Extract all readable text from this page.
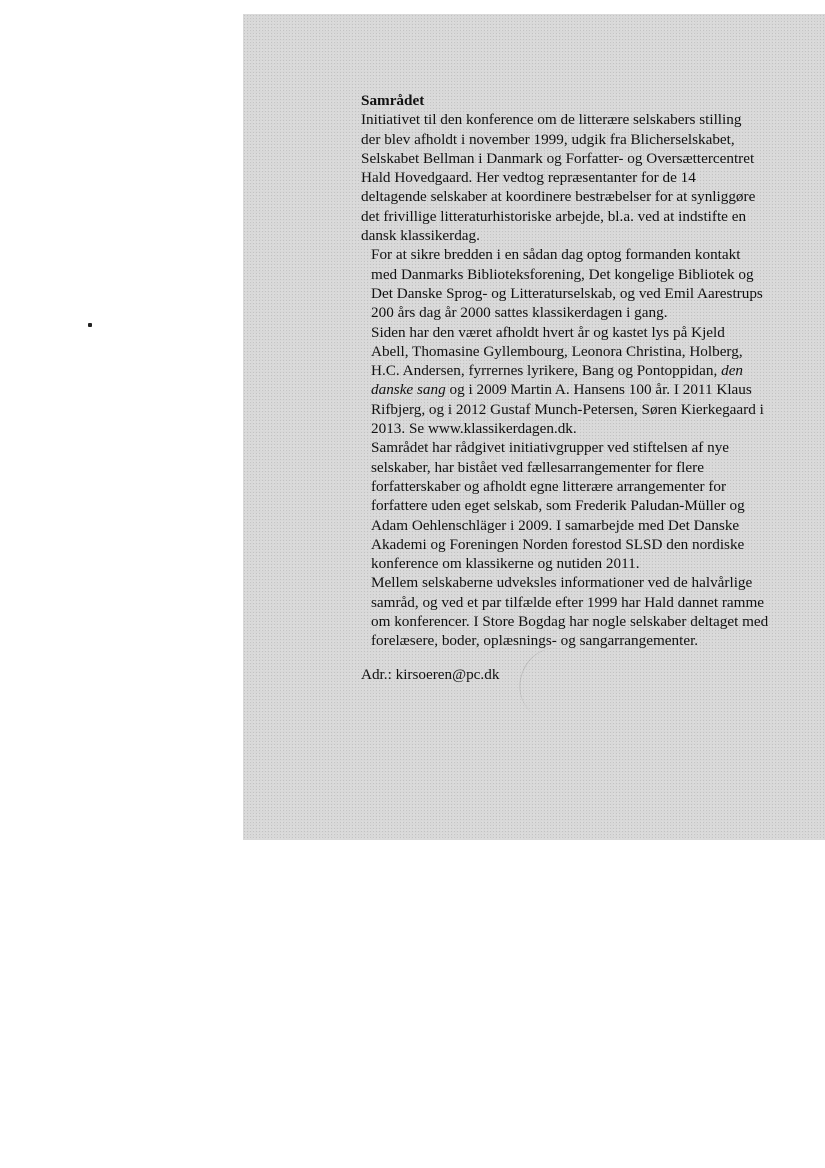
Samrådet

Initiativet til den konference om de litterære selskabers stilling
der blev afholdt i november 1999, udgik fra Blicherselskabet,
Selskabet Bellman i Danmark og Forfatter- og Oversættercentret
Hald Hovedgaard. Her vedtog repræsentanter for de 14
deltagende selskaber at koordinere bestræbelser for at synliggøre
det frivillige litteraturhistoriske arbejde, bl.a. ved at indstifte en
dansk klassikerdag.

For at sikre bredden i en sådan dag optog formanden kontakt
med Danmarks Biblioteksforening, Det kongelige Bibliotek og
Det Danske Sprog- og Litteraturselskab, og ved Emil Aarestrups
200 års dag år 2000 sattes klassikerdagen i gang.

Siden har den været afholdt hvert år og kastet lys på Kjeld
Abell, Thomasine Gyllembourg, Leonora Christina, Holberg,
H.C. Andersen, fyrrernes lyrikere, Bang og Pontoppidan, den
danske sang og i 2009 Martin A. Hansens 100 år. I 2011 Klaus
Rifbjerg, og i 2012 Gustaf Munch-Petersen, Søren Kierkegaard i
2013. Se www.klassikerdagen.dk.

Samrådet har rådgivet initiativgrupper ved stiftelsen af nye
selskaber, har bistået ved fællesarrangementer for flere
forfatterskaber og afholdt egne litterære arrangementer for
forfattere uden eget selskab, som Frederik Paludan-Müller og
Adam Oehlenschläger i 2009. I samarbejde med Det Danske
Akademi og Foreningen Norden forestod SLSD den nordiske
konference om klassikerne og nutiden 2011.

Mellem selskaberne udveksles informationer ved de halvårlige
samråd, og ved et par tilfælde efter 1999 har Hald dannet ramme
om konferencer. I Store Bogdag har nogle selskaber deltaget med
forelæsere, boder, oplæsnings- og sangarrangementer.

Adr.: kirsoeren@pc.dk
